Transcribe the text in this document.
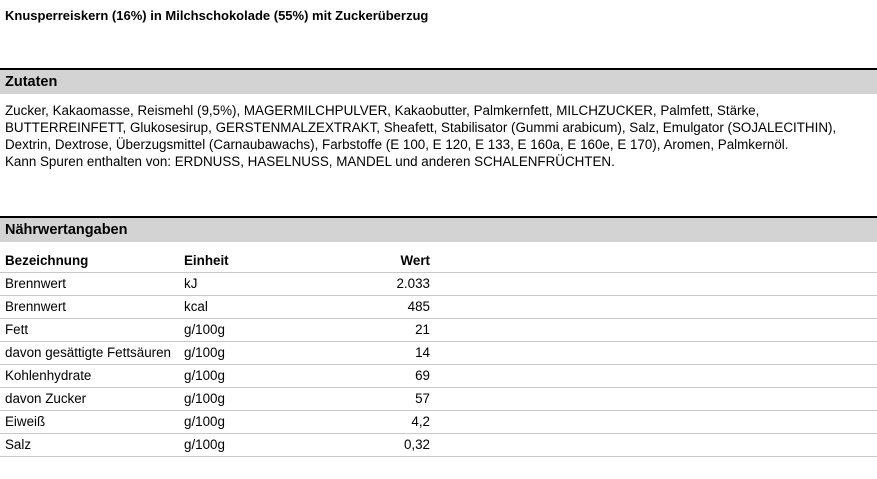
Knusperreiskern (16%) in Milchschokolade (55%) mit Zuckerüberzug
Zutaten

Zucker, Kakaomasse, Reismehl (9,5%), MAGERMILCHPULVER, Kakaobutter, Palmkernfett, MILCHZUCKER, Palmfett, Stärke, BUTTERREINFETT, Glukosesirup, GERSTENMALZEXTRAKT, Sheafett, Stabilisator (Gummi arabicum), Salz, Emulgator (SOJALECITHIN), Dextrin, Dextrose, Überzugsmittel (Carnaubawachs), Farbstoffe (E 100, E 120, E 133, E 160a, E 160e, E 170), Aromen, Palmkernöl.

Kann Spuren enthalten von: ERDNUSS, HASELNUSS, MANDEL und anderen SCHALENFRÜCHTEN.

Nährwertangaben
Bezeichnung	Einheit	Wert	
Brennwert	kJ	2.033	
Brennwert	kcal	485	
Fett	g/100g	21	
davon gesättigte Fettsäuren	g/100g	14	
Kohlenhydrate	g/100g	69	
davon Zucker	g/100g	57	
Eiweiß	g/100g	4,2	
Salz	g/100g	0,32	
